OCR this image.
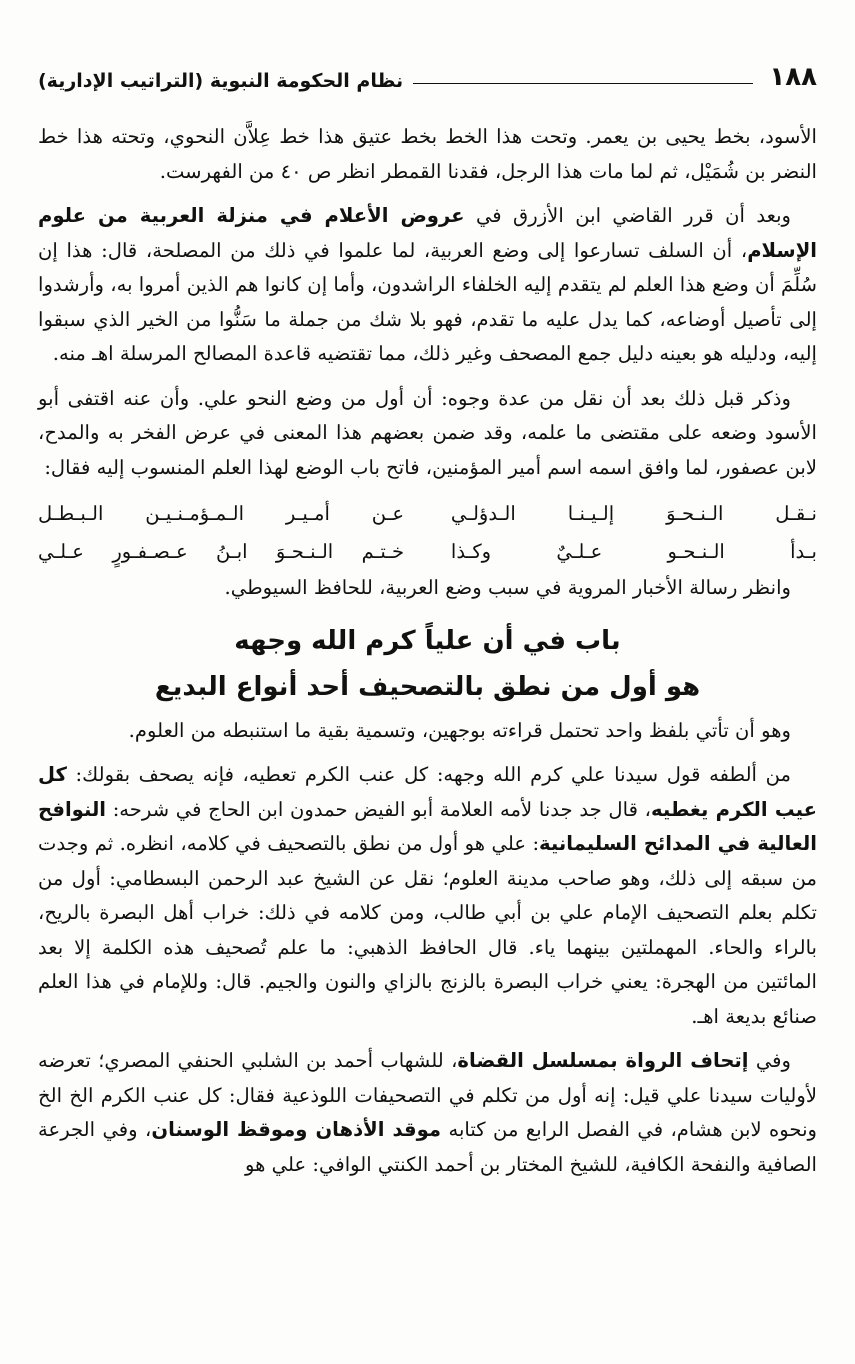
١٨٨
نظام الحكومة النبوية (التراتيب الإدارية)

الأسود، بخط يحيى بن يعمر. وتحت هذا الخط بخط عتيق هذا خط عِلاَّن النحوي، وتحته هذا خط النضر بن شُمَيْل، ثم لما مات هذا الرجل، فقدنا القمطر انظر ص ٤٠ من الفهرست.

وبعد أن قرر القاضي ابن الأزرق في عروض الأعلام في منزلة العربية من علوم الإسلام، أن السلف تسارعوا إلى وضع العربية، لما علموا في ذلك من المصلحة، قال: هذا إن سُلِّمَ أن وضع هذا العلم لم يتقدم إليه الخلفاء الراشدون، وأما إن كانوا هم الذين أمروا به، وأرشدوا إلى تأصيل أوضاعه، كما يدل عليه ما تقدم، فهو بلا شك من جملة ما سَنُّوا من الخير الذي سبقوا إليه، ودليله هو بعينه دليل جمع المصحف وغير ذلك، مما تقتضيه قاعدة المصالح المرسلة اهـ منه.

وذكر قبل ذلك بعد أن نقل من عدة وجوه: أن أول من وضع النحو علي. وأن عنه اقتفى أبو الأسود وضعه على مقتضى ما علمه، وقد ضمن بعضهم هذا المعنى في عرض الفخر به والمدح، لابن عصفور، لما وافق اسمه اسم أمير المؤمنين، فاتح باب الوضع لهذا العلم المنسوب إليه فقال:

نـقـل الـنـحـوَ إلـيـنـا الـدؤلـي
عـن أمـيـر الـمـؤمـنـيـن الـبـطـل
بـدأ الـنـحـو عـلـيٌ وكـذا
خـتـم الـنـحـوَ ابـنُ عـصـفـورٍ عـلـي

وانظر رسالة الأخبار المروية في سبب وضع العربية، للحافظ السيوطي.

باب في أن علياً كرم الله وجهه
هو أول من نطق بالتصحيف أحد أنواع البديع

وهو أن تأتي بلفظ واحد تحتمل قراءته بوجهين، وتسمية بقية ما استنبطه من العلوم.

من ألطفه قول سيدنا علي كرم الله وجهه: كل عنب الكرم تعطيه، فإنه يصحف بقولك: كل عيب الكرم يغطيه، قال جد جدنا لأمه العلامة أبو الفيض حمدون ابن الحاج في شرحه: النوافح العالية في المدائح السليمانية: علي هو أول من نطق بالتصحيف في كلامه، انظره. ثم وجدت من سبقه إلى ذلك، وهو صاحب مدينة العلوم؛ نقل عن الشيخ عبد الرحمن البسطامي: أول من تكلم بعلم التصحيف الإمام علي بن أبي طالب، ومن كلامه في ذلك: خراب أهل البصرة بالريح، بالراء والحاء. المهملتين بينهما ياء. قال الحافظ الذهبي: ما علم تُصحيف هذه الكلمة إلا بعد المائتين من الهجرة: يعني خراب البصرة بالزنج بالزاي والنون والجيم. قال: وللإمام في هذا العلم صنائع بديعة اهـ.

وفي إتحاف الرواة بمسلسل القضاة، للشهاب أحمد بن الشلبي الحنفي المصري؛ تعرضه لأوليات سيدنا علي قيل: إنه أول من تكلم في التصحيفات اللوذعية فقال: كل عنب الكرم الخ الخ ونحوه لابن هشام، في الفصل الرابع من كتابه موقد الأذهان وموقظ الوسنان، وفي الجرعة الصافية والنفحة الكافية، للشيخ المختار بن أحمد الكنتي الوافي: علي هو
